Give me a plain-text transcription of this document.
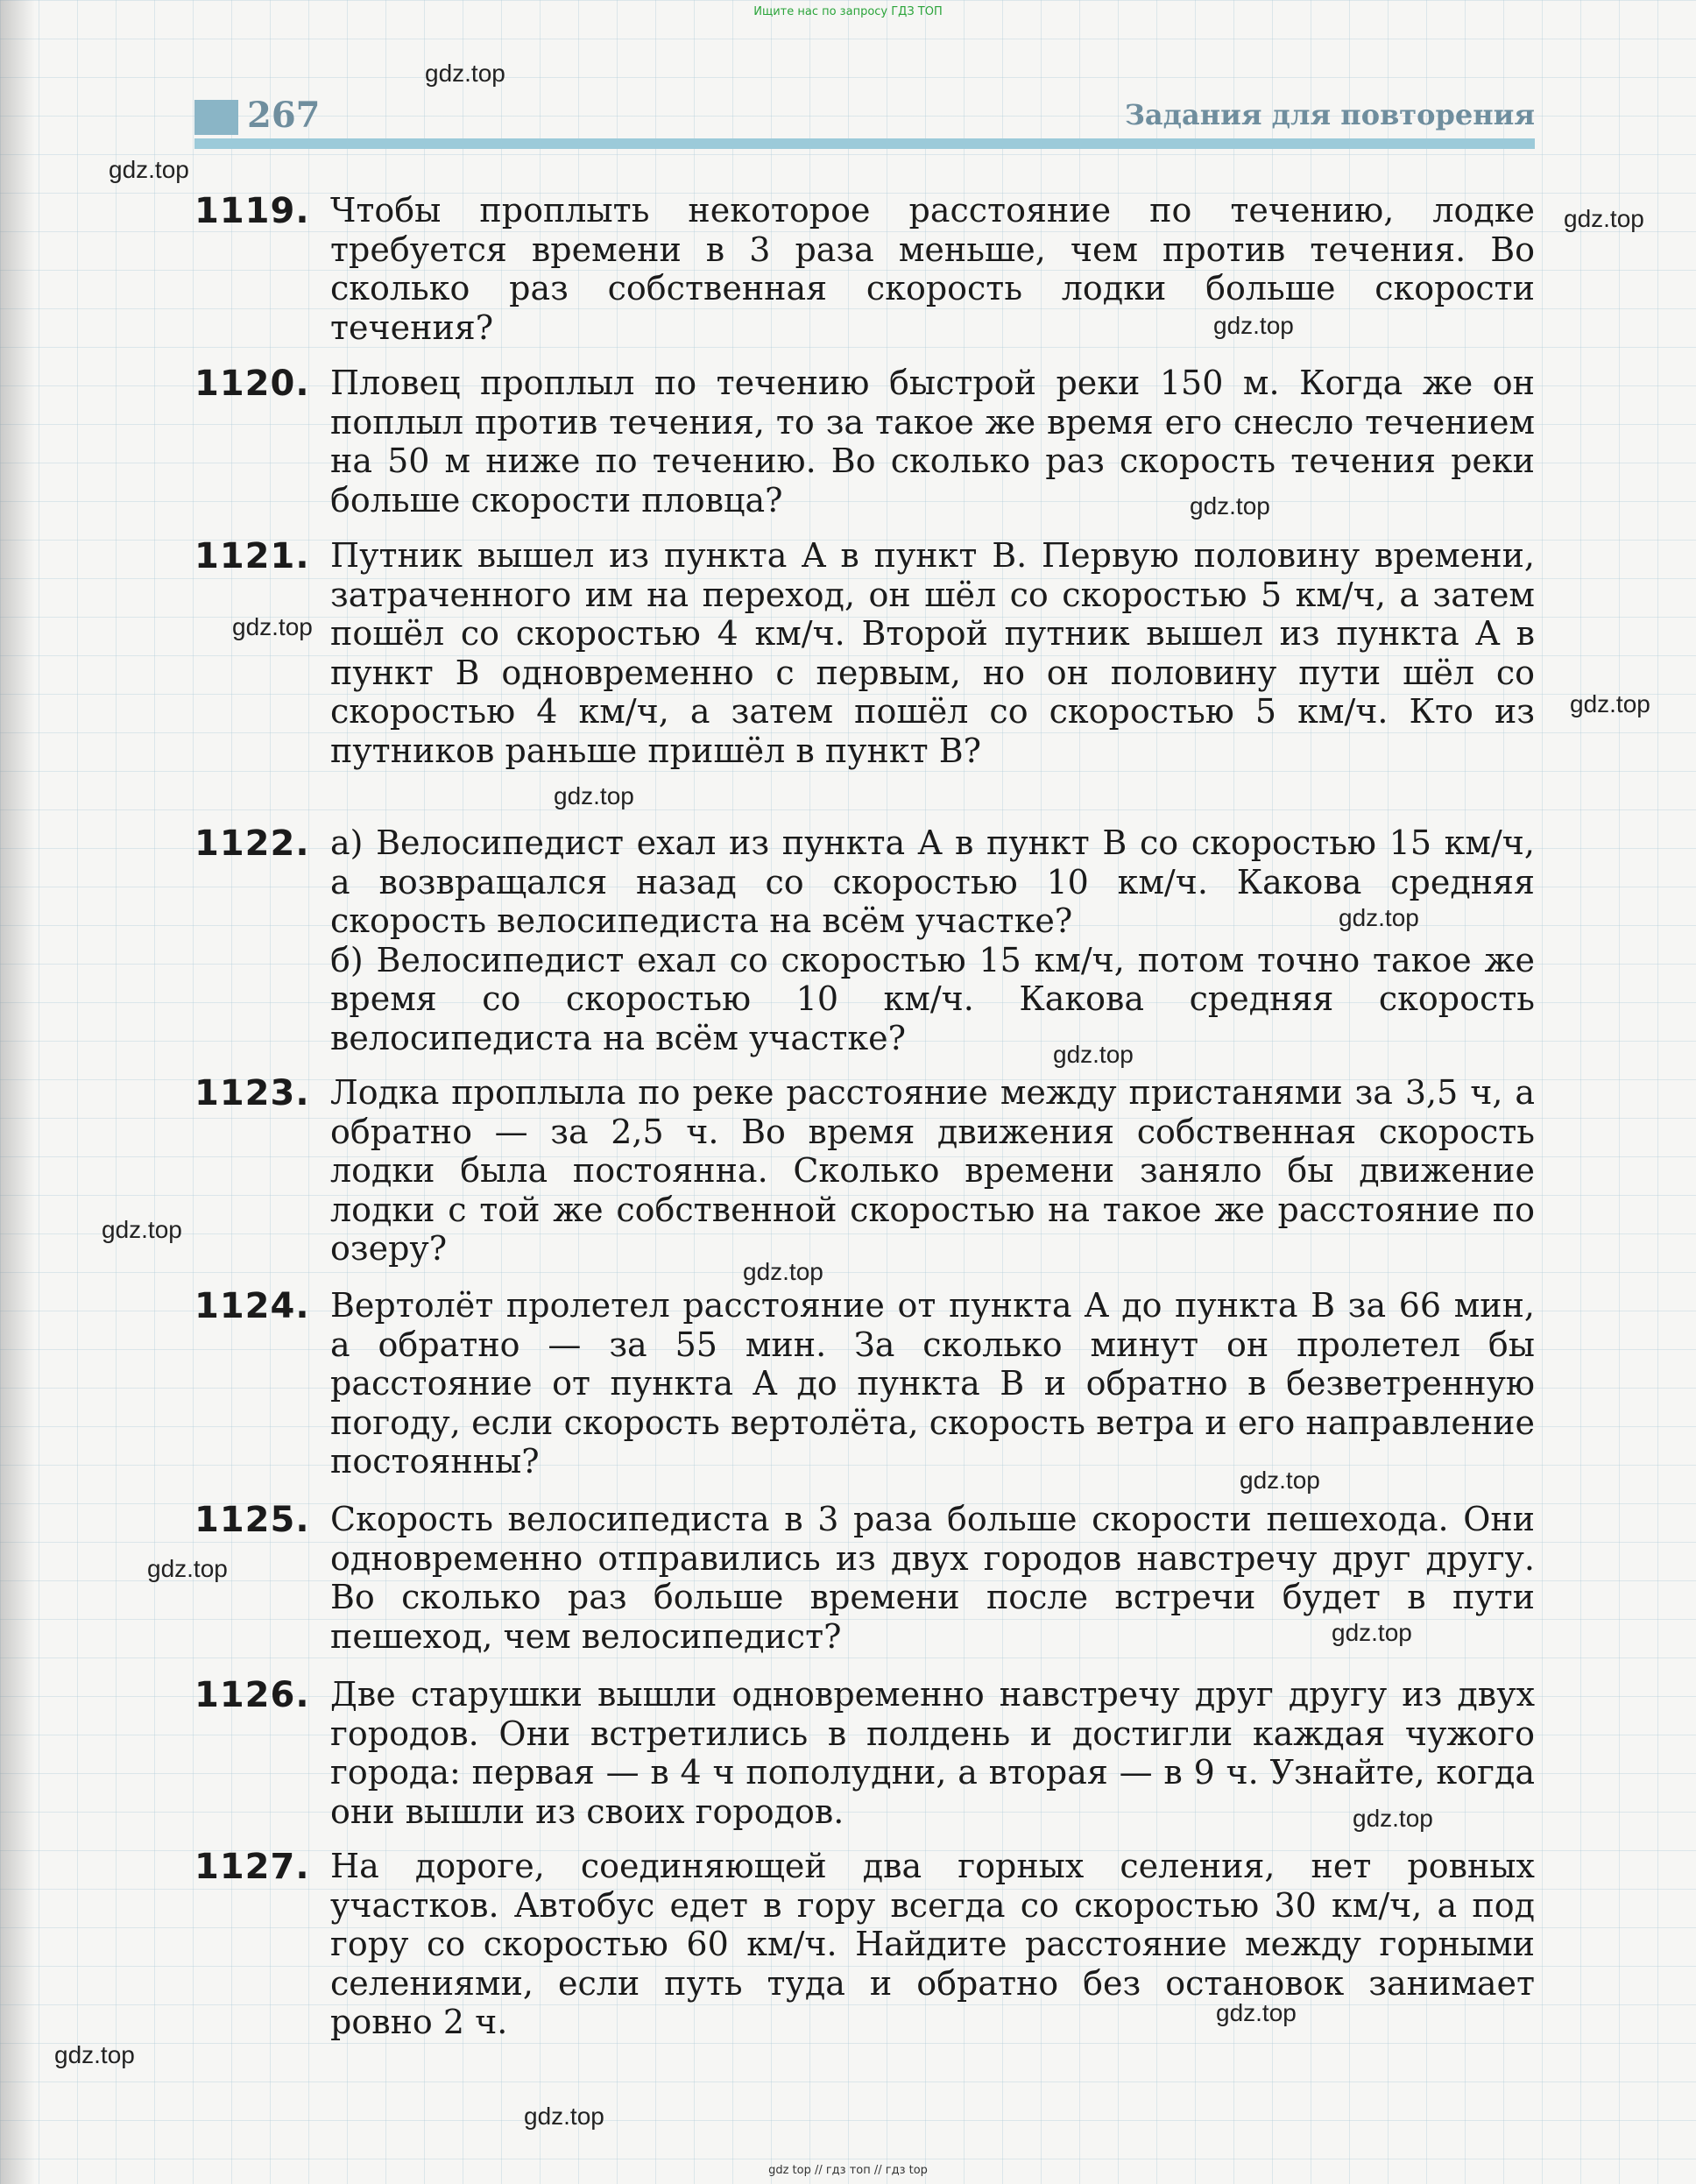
Ищите нас по запросу ГДЗ ТОП
267	Задания для повторения
1119. Чтобы проплыть некоторое расстояние по течению, лодке требуется времени в 3 раза меньше, чем против течения. Во сколько раз собственная скорость лодки больше скорости течения?

1120. Пловец проплыл по течению быстрой реки 150 м. Когда же он поплыл против течения, то за такое же время его снесло течением на 50 м ниже по течению. Во сколько раз скорость течения реки больше скорости пловца?

1121. Путник вышел из пункта A в пункт B. Первую половину времени, затраченного им на переход, он шёл со скоростью 5 км/ч, а затем пошёл со скоростью 4 км/ч. Второй путник вышел из пункта A в пункт B одновременно с первым, но он половину пути шёл со скоростью 4 км/ч, а затем пошёл со скоростью 5 км/ч. Кто из путников раньше пришёл в пункт B?

1122. а) Велосипедист ехал из пункта A в пункт B со скоростью 15 км/ч, а возвращался назад со скоростью 10 км/ч. Какова средняя скорость велосипедиста на всём участке?

б) Велосипедист ехал со скоростью 15 км/ч, потом точно такое же время со скоростью 10 км/ч. Какова средняя скорость велосипедиста на всём участке?

1123. Лодка проплыла по реке расстояние между пристанями за 3,5 ч, а обратно — за 2,5 ч. Во время движения собственная скорость лодки была постоянна. Сколько времени заняло бы движение лодки с той же собственной скоростью на такое же расстояние по озеру?

1124. Вертолёт пролетел расстояние от пункта A до пункта B за 66 мин, а обратно — за 55 мин. За сколько минут он пролетел бы расстояние от пункта A до пункта B и обратно в безветренную погоду, если скорость вертолёта, скорость ветра и его направление постоянны?

1125. Скорость велосипедиста в 3 раза больше скорости пешехода. Они одновременно отправились из двух городов навстречу друг другу. Во сколько раз больше времени после встречи будет в пути пешеход, чем велосипедист?

1126. Две старушки вышли одновременно навстречу друг другу из двух городов. Они встретились в полдень и достигли каждая чужого города: первая — в 4 ч пополудни, а вторая — в 9 ч. Узнайте, когда они вышли из своих городов.

1127. На дороге, соединяющей два горных селения, нет ровных участков. Автобус едет в гору всегда со скоростью 30 км/ч, а под гору со скоростью 60 км/ч. Найдите расстояние между горными селениями, если путь туда и обратно без остановок занимает ровно 2 ч.

gdz.top
gdz.top
gdz.top
gdz.top
gdz.top
gdz.top
gdz.top
gdz.top
gdz.top
gdz.top
gdz.top
gdz.top
gdz.top
gdz.top
gdz.top
gdz.top
gdz.top
gdz.top
gdz.top
gdz top // гдз топ // гдз top
